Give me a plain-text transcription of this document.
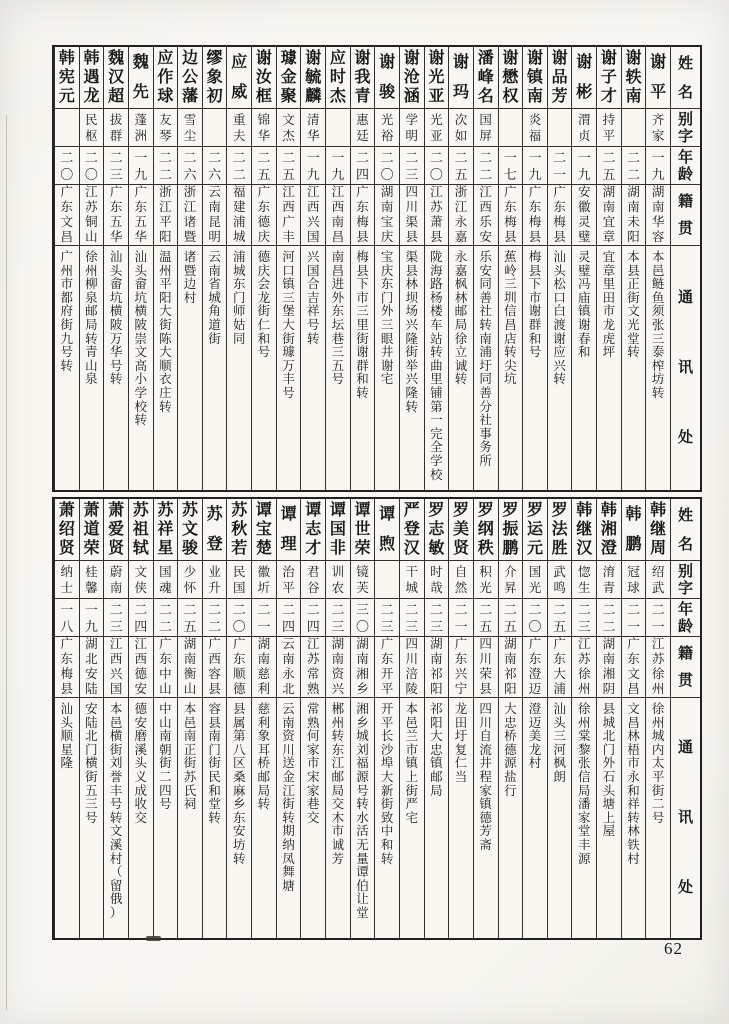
姓名
别字
年龄
籍贯
通讯处
谢平
齐家
一九
湖南华容
本邑鲢鱼须张三泰榨坊转
谢轶南
二二
湖南未阳
本县正街文光堂转
谢子才
持平
二五
湖南宜章
宜章里田市龙虎坪
谢彬
渭贞
一九
安徽灵璧
灵璧冯庙镇谢春和
谢品芳
二一
广东梅县
汕头松口白渡谢应兴转
谢镇南
炎福
一九
广东梅县
梅县下市谢群和号
谢懋权
一七
广东梅县
蕉岭三圳信昌店转尖坑
潘峰名
国屏
二二
江西乐安
乐安同善社转南浦圩同善分社事务所
谢玛
次如
二五
浙江永嘉
永嘉枫林邮局徐立诚转
谢光亚
光亚
二〇
江苏萧县
陇海路杨楼车站转曲里铺第一完全学校
谢沧涵
学明
二三
四川渠县
渠县林坝场兴隆街举兴隆转
谢骏
光裕
二〇
湖南宝庆
宝庆东门外三眼井谢宅
谢我青
惠廷
二四
广东梅县
梅县下市三里街谢群和转
应时杰
一九
江西南昌
南昌进外东坛巷三五号
谢毓麟
清华
一九
江西兴国
兴国合吉祥号转
璩金聚
文杰
二五
江西广丰
河口镇三堡大街璩万丰号
谢汝框
锦华
二五
广东德庆
德庆会龙街仁和号
应威
重夫
二二
福建浦城
浦城东门师姑同
缪象初
二六
云南昆明
云南省城角道街
边公藩
雪尘
二六
浙江诸暨
诸暨边村
应作球
友琴
二二
浙江平阳
温州平阳大街陈大顺衣庄转
魏先
蓬洲
一九
广东五华
汕头畲坑横陂崇文高小学校转
魏汉超
拔群
二三
广东五华
汕头畲坑横陂万华号转
韩遇龙
民枢
二〇
江苏铜山
徐州柳泉邮局转青山泉
韩宪元
二〇
广东文昌
广州市都府街九号转
姓名
别字
年龄
籍贯
通讯处
韩继周
绍武
二一
江苏徐州
徐州城内太平街二号
韩鹏
冠球
二一
广东文昌
文昌林梧市永和祥转林铁村
韩湘澄
淯青
二二
湖南湘阴
县城北门外石头塘上屋
韩继汉
惚生
二三
江苏徐州
徐州棠黎张信局潘家堂丰源
罗法胜
武鸣
二五
广东大浦
汕头三河枫朗
罗运元
国光
二〇
广东澄迈
澄迈美龙村
罗振鹏
介昇
二五
湖南祁阳
大忠桥德源盐行
罗纲秩
积光
二五
四川荣县
四川自流井程家镇德芳斋
罗美贤
自然
二一
广东兴宁
龙田圩复仁当
罗志敏
时哉
二三
湖南祁阳
祁阳大忠镇邮局
严登汉
干城
二三
四川涪陵
本邑兰市镇上街严宅
谭煦
二三
广东开平
开平长沙埠大新街致中和转
谭世荣
镜芙
三〇
湖南湘乡
湘乡城刘福源号转水活无量谭伯让堂
谭国非
训农
二三
湖南资兴
郴州转东江邮局交木市诚芳
谭志才
君谷
二四
江苏常熟
常熟何家市宋家巷交
谭理
治平
二四
云南永北
云南资川送金江街转期纳凤舞塘
谭宝楚
徽圻
二一
湖南慈利
慈利象耳桥邮局转
苏秋若
民国
二〇
广东顺德
县属第八区桑麻乡东安坊转
苏登
业升
二二
广西容县
容县南门街民和堂转
苏文骏
少怀
二五
湖南衡山
本邑南正街苏氏祠
苏祥星
国魂
二二
广东中山
中山南朝街二四号
苏祖轼
文侠
二四
江西德安
德安磨溪头义成收交
萧爱贤
蔚南
二三
江西兴国
本邑横街刘誉丰号转文溪村（留俄）
萧道荣
桂馨
一九
湖北安陆
安陆北门横街五三号
萧绍贤
纳士
一八
广东梅县
汕头顺星隆
62
